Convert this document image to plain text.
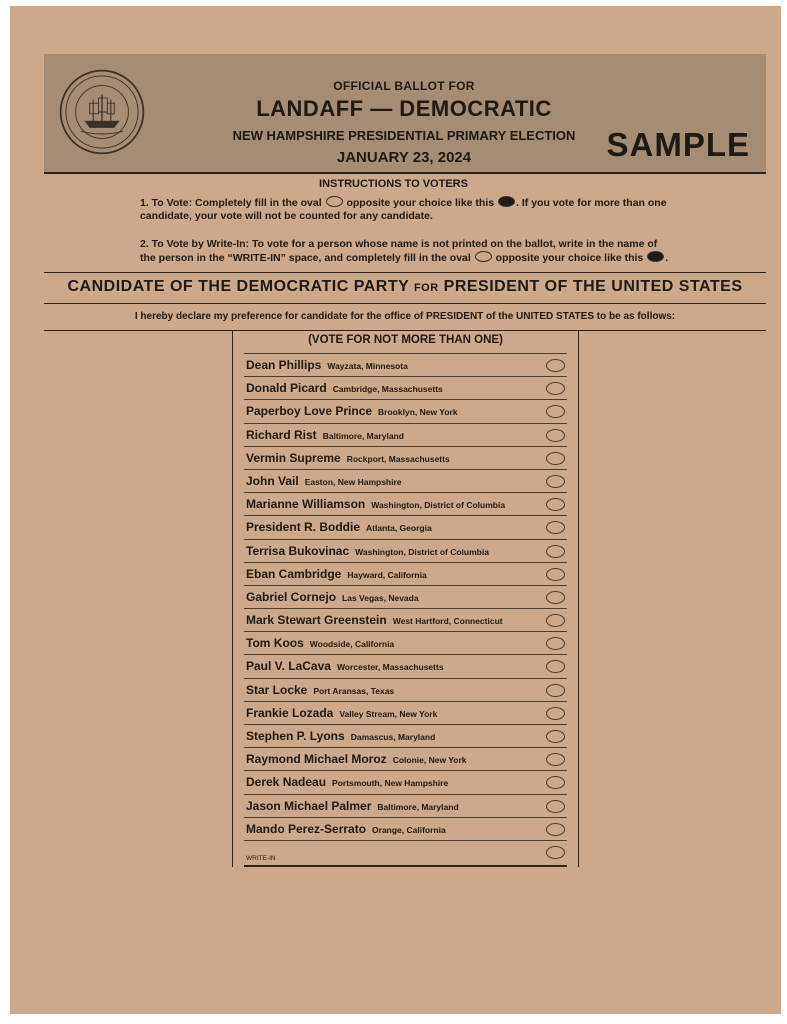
OFFICIAL BALLOT FOR
LANDAFF — DEMOCRATIC
NEW HAMPSHIRE PRESIDENTIAL PRIMARY ELECTION
JANUARY 23, 2024	SAMPLE
INSTRUCTIONS TO VOTERS
1. To Vote: Completely fill in the oval opposite your choice like this . If you vote for more than one candidate, your vote will not be counted for any candidate.
2. To Vote by Write-In: To vote for a person whose name is not printed on the ballot, write in the name of the person in the “WRITE-IN” space, and completely fill in the oval opposite your choice like this .
CANDIDATE OF THE DEMOCRATIC PARTY FOR PRESIDENT OF THE UNITED STATES
I hereby declare my preference for candidate for the office of PRESIDENT of the UNITED STATES to be as follows:
(VOTE FOR NOT MORE THAN ONE)
Dean Phillips Wayzata, Minnesota
Donald Picard Cambridge, Massachusetts
Paperboy Love Prince Brooklyn, New York
Richard Rist Baltimore, Maryland
Vermin Supreme Rockport, Massachusetts
John Vail Easton, New Hampshire
Marianne Williamson Washington, District of Columbia
President R. Boddie Atlanta, Georgia
Terrisa Bukovinac Washington, District of Columbia
Eban Cambridge Hayward, California
Gabriel Cornejo Las Vegas, Nevada
Mark Stewart Greenstein West Hartford, Connecticut
Tom Koos Woodside, California
Paul V. LaCava Worcester, Massachusetts
Star Locke Port Aransas, Texas
Frankie Lozada Valley Stream, New York
Stephen P. Lyons Damascus, Maryland
Raymond Michael Moroz Colonie, New York
Derek Nadeau Portsmouth, New Hampshire
Jason Michael Palmer Baltimore, Maryland
Mando Perez-Serrato Orange, California
WRITE-IN
